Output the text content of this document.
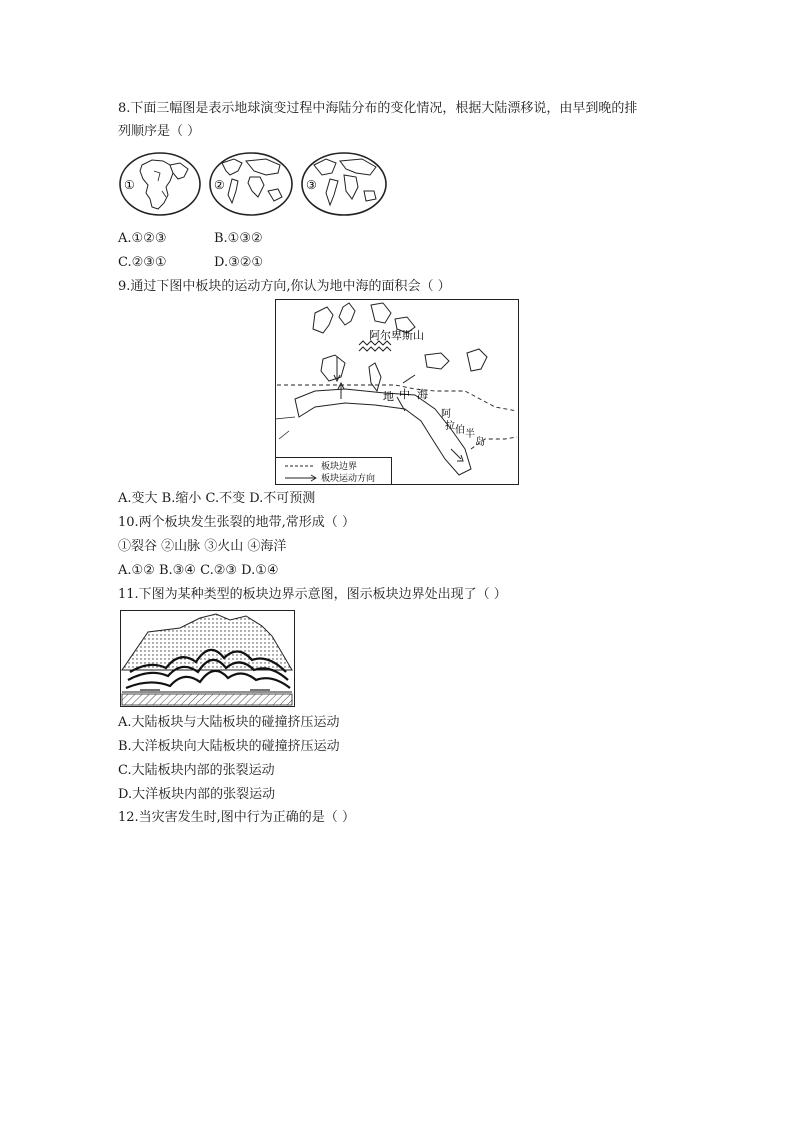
8.下面三幅图是表示地球演变过程中海陆分布的变化情况，根据大陆漂移说，由早到晚的排
列顺序是（ ）
①	②	③
A.①②③	B.①③②
C.②③①	D.③②①
9.通过下图中板块的运动方向,你认为地中海的面积会（ ）
阿尔卑斯山
地 中 海
阿
拉 伯 半
岛
板块边界
板块运动方向
A.变大 B.缩小 C.不变 D.不可预测
10.两个板块发生张裂的地带,常形成（ ）
①裂谷 ②山脉 ③火山 ④海洋
A.①② B.③④ C.②③ D.①④
11.下图为某种类型的板块边界示意图，图示板块边界处出现了（ ）
A.大陆板块与大陆板块的碰撞挤压运动
B.大洋板块向大陆板块的碰撞挤压运动
C.大陆板块内部的张裂运动
D.大洋板块内部的张裂运动
12.当灾害发生时,图中行为正确的是（ ）
